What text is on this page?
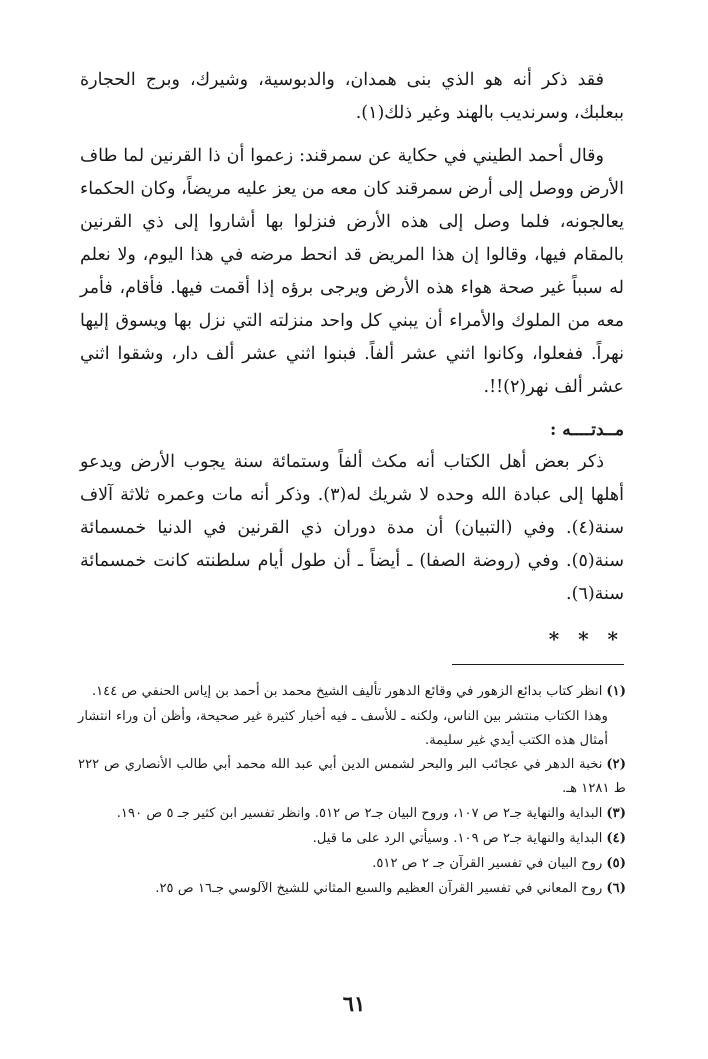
فقد ذكر أنه هو الذي بنى همدان، والدبوسية، وشيرك، وبرج الحجارة ببعلبك، وسرنديب بالهند وغير ذلك(١).

وقال أحمد الطيني في حكاية عن سمرقند: زعموا أن ذا القرنين لما طاف الأرض ووصل إلى أرض سمرقند كان معه من يعز عليه مريضاً، وكان الحكماء يعالجونه، فلما وصل إلى هذه الأرض فنزلوا بها أشاروا إلى ذي القرنين بالمقام فيها، وقالوا إن هذا المريض قد انحط مرضه في هذا اليوم، ولا نعلم له سبباً غير صحة هواء هذه الأرض ويرجى برؤه إذا أقمت فيها. فأقام، فأمر معه من الملوك والأمراء أن يبني كل واحد منزلته التي نزل بها ويسوق إليها نهراً. ففعلوا، وكانوا اثني عشر ألفاً. فبنوا اثني عشر ألف دار، وشقوا اثني عشر ألف نهر(٢)!!.

مــدتــــه :

ذكر بعض أهل الكتاب أنه مكث ألفاً وستمائة سنة يجوب الأرض ويدعو أهلها إلى عبادة الله وحده لا شريك له(٣). وذكر أنه مات وعمره ثلاثة آلاف سنة(٤). وفي (التبيان) أن مدة دوران ذي القرنين في الدنيا خمسمائة سنة(٥). وفي (روضة الصفا) ـ أيضاً ـ أن طول أيام سلطنته كانت خمسمائة سنة(٦).

* * *
(١)انظر كتاب بدائع الزهور في وقائع الدهور تأليف الشيخ محمد بن أحمد بن إياس الحنفي ص ١٤٤.
وهذا الكتاب منتشر بين الناس، ولكنه ـ للأسف ـ فيه أخبار كثيرة غير صحيحة، وأظن أن وراء انتشار أمثال هذه الكتب أيدي غير سليمة.
(٢)نخبة الدهر في عجائب البر والبحر لشمس الدين أبي عبد الله محمد أبي طالب الأنصاري ص ٢٢٢ ط ١٢٨١ هـ.
(٣)البداية والنهاية جـ٢ ص ١٠٧، وروح البيان جـ٢ ص ٥١٢. وانظر تفسير ابن كثير جـ ٥ ص ١٩٠.
(٤)البداية والنهاية جـ٢ ص ١٠٩. وسيأتي الرد على ما قيل.
(٥)روح البيان في تفسير القرآن جـ ٢ ص ٥١٢.
(٦)روح المعاني في تفسير القرآن العظيم والسبع المثاني للشيخ الآلوسي جـ١٦ ص ٢٥.
٦١
